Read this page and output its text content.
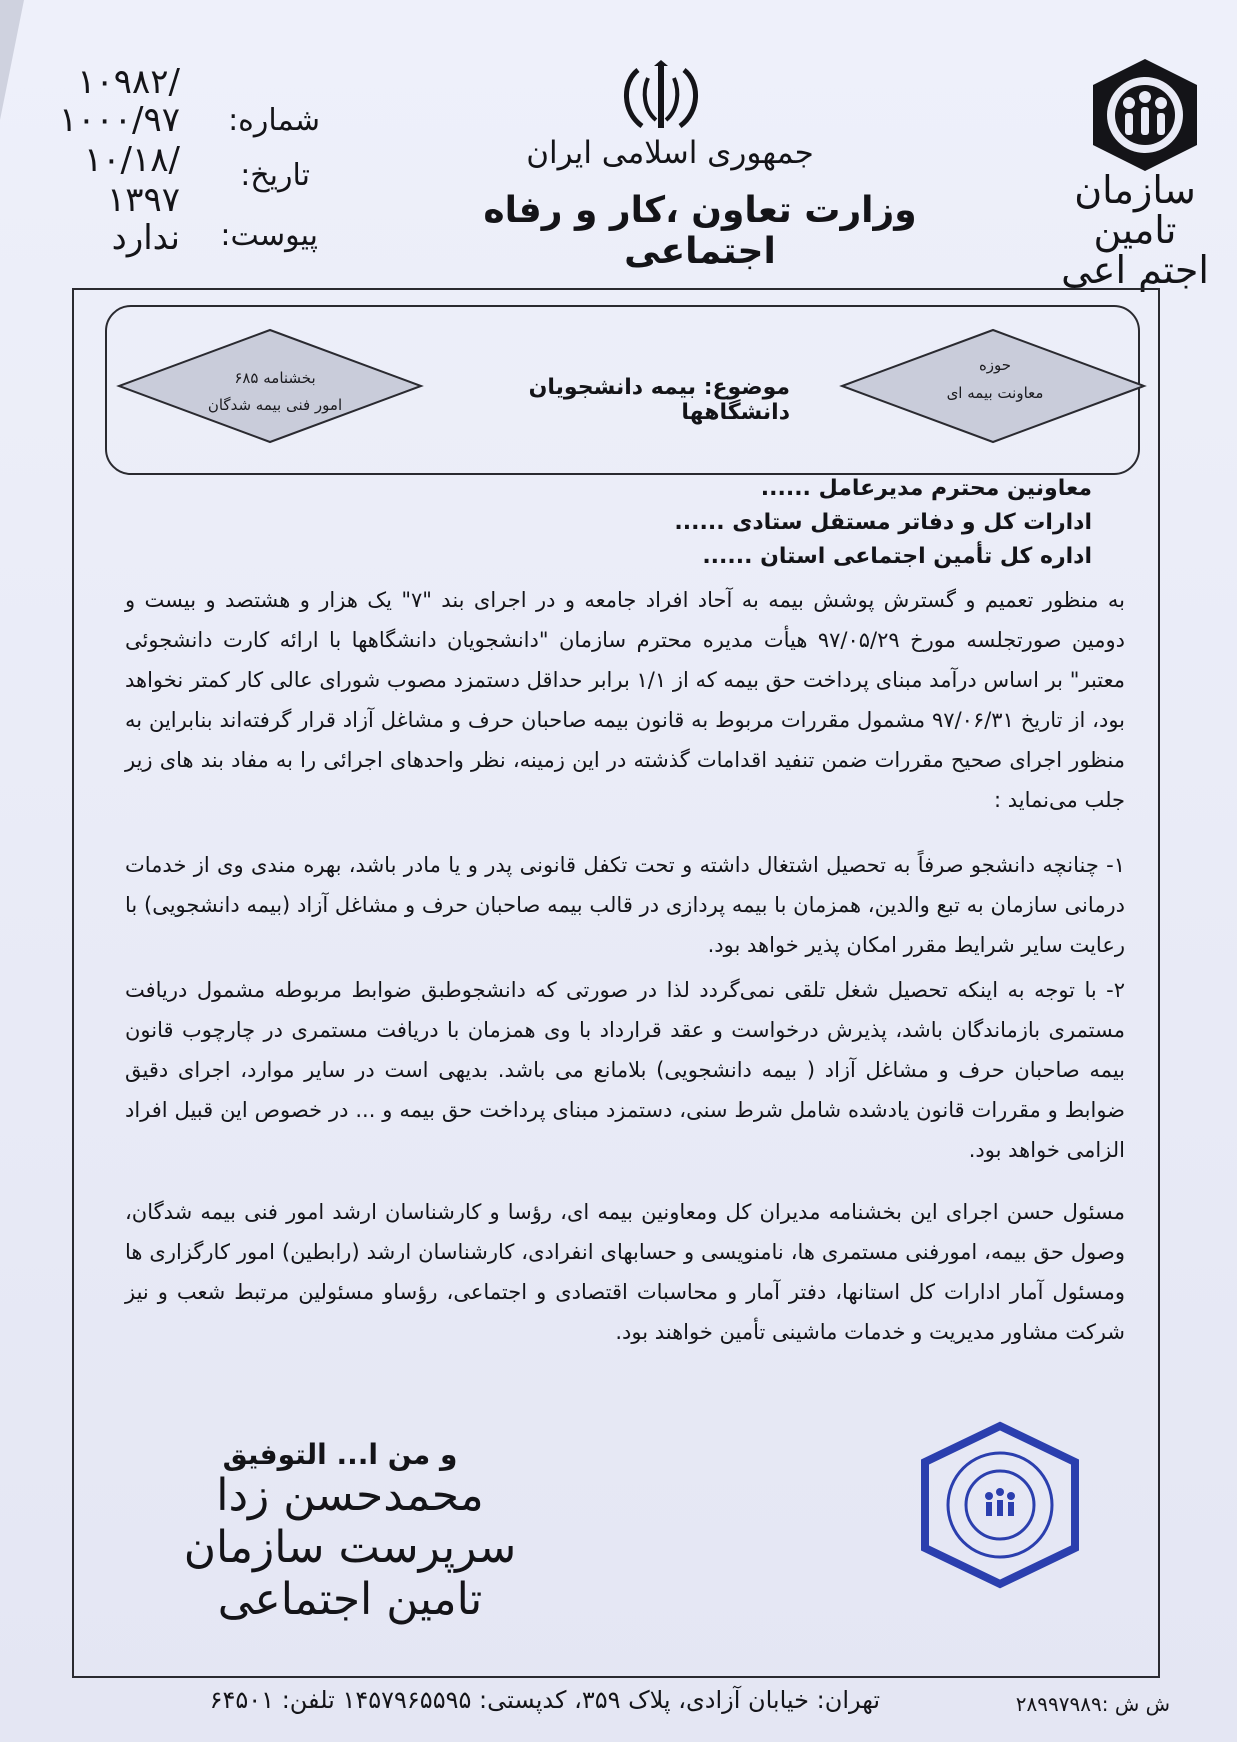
جمهوری اسلامی ایران
وزارت تعاون ،کار و رفاه اجتماعی
شماره:
/۱۰۹۸۲
۱۰۰۰/۹۷
تاریخ:
/۱۰/۱۸
۱۳۹۷
پیوست:
ندارد
سازمان تامین اجتم اعی
حوزه
معاونت بیمه ای
موضوع: بیمه دانشجویان دانشگاهها
بخشنامه ۶۸۵
امور فنی بیمه شدگان
معاونین محترم مدیرعامل ......
ادارات کل و دفاتر مستقل ستادی ......
اداره کل تأمین اجتماعی استان ......
به منظور تعمیم و گسترش پوشش بیمه به آحاد افراد جامعه و در اجرای بند "۷" یک هزار و هشتصد و بیست و دومین صورتجلسه مورخ ۹۷/۰۵/۲۹ هیأت مدیره محترم سازمان "دانشجویان دانشگاهها با ارائه کارت دانشجوئی معتبر" بر اساس درآمد مبنای پرداخت حق بیمه که از ۱/۱ برابر حداقل دستمزد مصوب شورای عالی کار کمتر نخواهد بود، از تاریخ ۹۷/۰۶/۳۱ مشمول مقررات مربوط به قانون بیمه صاحبان حرف و مشاغل آزاد قرار گرفته‌اند بنابراین به منظور اجرای صحیح مقررات ضمن تنفید اقدامات گذشته در این زمینه، نظر واحدهای اجرائی را به مفاد بند های زیر جلب می‌نماید :
۱- چنانچه دانشجو صرفاً به تحصیل اشتغال داشته و تحت تکفل قانونی پدر و یا مادر باشد، بهره مندی وی از خدمات درمانی سازمان به تبع والدین، همزمان با بیمه پردازی در قالب بیمه صاحبان حرف و مشاغل آزاد (بیمه دانشجویی) با رعایت سایر شرایط مقرر امکان پذیر خواهد بود.
۲- با توجه به اینکه تحصیل شغل تلقی نمی‌گردد لذا در صورتی که دانشجوطبق ضوابط مربوطه مشمول دریافت مستمری بازماندگان باشد، پذیرش درخواست و عقد قرارداد با وی همزمان با دریافت مستمری در چارچوب قانون بیمه صاحبان حرف و مشاغل آزاد ( بیمه دانشجویی) بلامانع می باشد. بدیهی است در سایر موارد، اجرای دقیق ضوابط و مقررات قانون یادشده شامل شرط سنی، دستمزد مبنای پرداخت حق بیمه و ... در خصوص این قبیل افراد الزامی خواهد بود.
مسئول حسن اجرای این بخشنامه مدیران کل ومعاونین بیمه ای، رؤسا و کارشناسان ارشد امور فنی بیمه شدگان، وصول حق بیمه، امورفنی مستمری ها، نامنویسی و حسابهای انفرادی، کارشناسان ارشد (رابطین) امور کارگزاری ها ومسئول آمار ادارات کل استانها، دفتر آمار و محاسبات اقتصادی و اجتماعی، رؤساو مسئولین مرتبط شعب و نیز شرکت مشاور مدیریت و خدمات ماشینی تأمین خواهند بود.
و من ا... التوفیق
محمدحسن زدا
سرپرست سازمان
تامین اجتماعی
تهران: خیابان آزادی، پلاک ۳۵۹، کدپستی: ۱۴۵۷۹۶۵۵۹۵ تلفن: ۶۴۵۰۱	ش ش :۲۸۹۹۷۹۸۹
